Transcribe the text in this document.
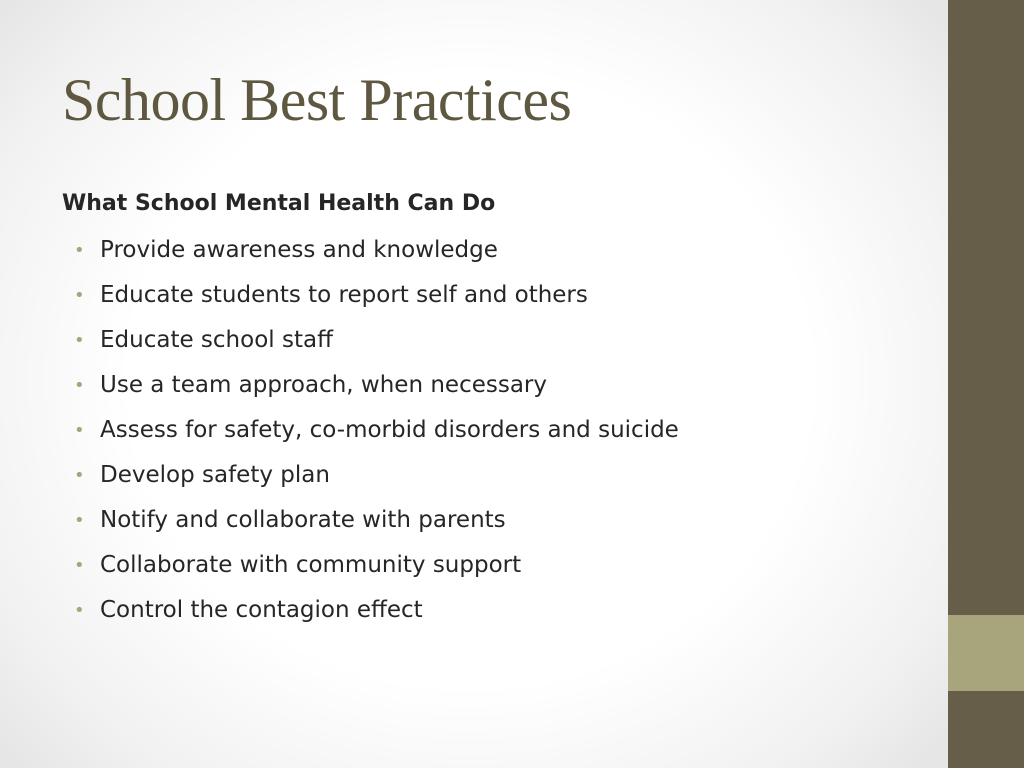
School Best Practices

What School Mental Health Can Do

• Provide awareness and knowledge
• Educate students to report self and others
• Educate school staff
• Use a team approach, when necessary
• Assess for safety, co-morbid disorders and suicide
• Develop safety plan
• Notify and collaborate with parents
• Collaborate with community support
• Control the contagion effect
